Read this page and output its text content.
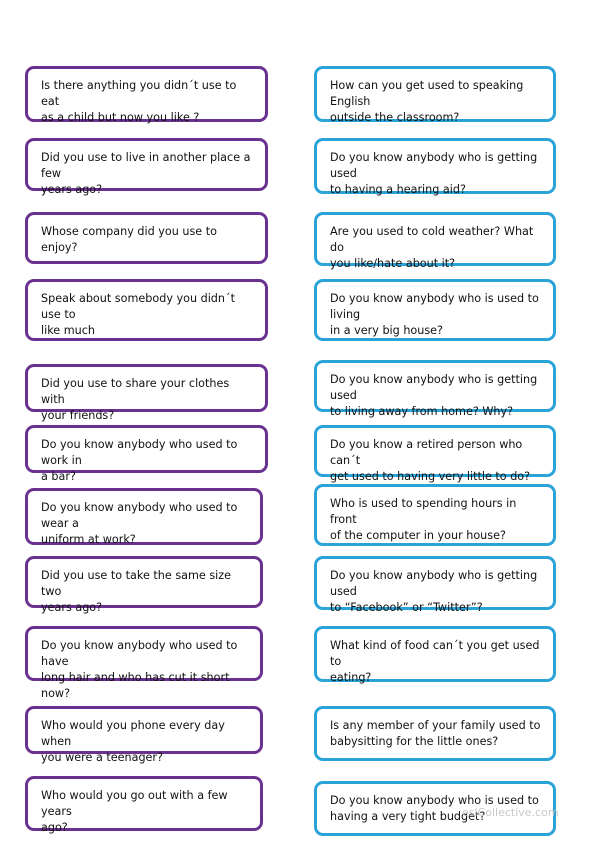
Is there anything you didn´t use to eat
as a child but now you like ?
Did you use to live in another place a few
years ago?
Whose company did you use to enjoy?
Speak about somebody you didn´t use to
like much
Did you use to share your clothes with
your friends?
Do you know anybody who used to work in
a bar?
Do you know anybody who used to wear a
uniform at work?
Did you use to take the same size two
years ago?
Do you know anybody who used to have
long hair and who has cut it short now?
Who would you phone every day when
you were a teenager?
Who would you go out with a few years
ago?
How can you get used to speaking English
outside the classroom?
Do you know anybody who is getting used
to having a hearing aid?
Are you used to cold weather? What do
you like/hate about it?
Do you know anybody who is used to living
in a very big house?
Do you know anybody who is getting used
to living away from home? Why?
Do you know a retired person who can´t
get used to having very little to do?
Who is used to spending hours in front
of the computer in your house?
Do you know anybody who is getting used
to “Facebook” or “Twitter”?
What kind of food can´t you get used to
eating?
Is any member of your family used to
babysitting for the little ones?
Do you know anybody who is used to
having a very tight budget?
eslCollective.com
